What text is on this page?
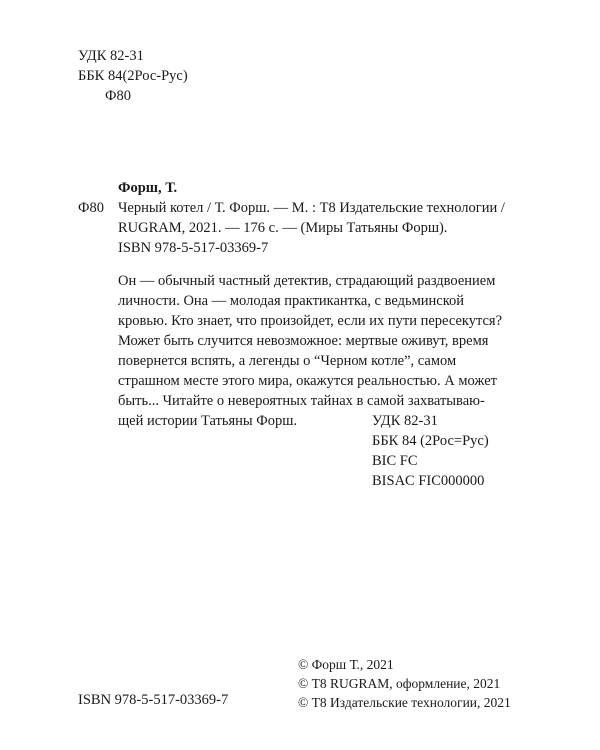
УДК 82-31
ББК 84(2Рос-Рус)
Ф80
Форш, Т.
Ф80 Черный котел / Т. Форш. — М. : Т8 Издательские технологии /
RUGRAM, 2021. — 176 с. — (Миры Татьяны Форш).
ISBN 978-5-517-03369-7
Он — обычный частный детектив, страдающий раздвоением
личности. Она — молодая практикантка, с ведьминской
кровью. Кто знает, что произойдет, если их пути пересекутся?
Может быть случится невозможное: мертвые оживут, время
повернется вспять, а легенды о “Черном котле”, самом
страшном месте этого мира, окажутся реальностью. А может
быть... Читайте о невероятных тайнах в самой захватываю-
щей истории Татьяны Форш.	УДК 82-31
ББК 84 (2Рос=Рус)
BIC FC
BISAC FIC000000
© Форш Т., 2021
© Т8 RUGRAM, оформление, 2021
© Т8 Издательские технологии, 2021
ISBN 978-5-517-03369-7
